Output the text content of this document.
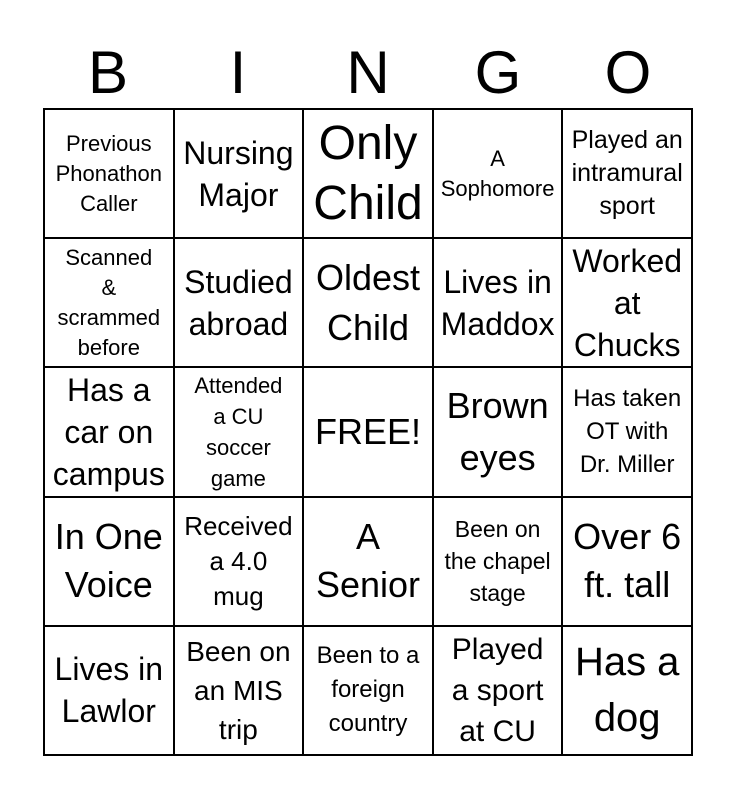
B	I	N	G	O
Previous
Phonathon
Caller
Nursing
Major
Only
Child
A
Sophomore
Played an
intramural
sport
Scanned
&
scrammed
before
Studied
abroad
Oldest
Child
Lives in
Maddox
Worked
at
Chucks
Has a
car on
campus
Attended
a CU
soccer
game
FREE!
Brown
eyes
Has taken
OT with
Dr. Miller
In One
Voice
Received
a 4.0
mug
A
Senior
Been on
the chapel
stage
Over 6
ft. tall
Lives in
Lawlor
Been on
an MIS
trip
Been to a
foreign
country
Played
a sport
at CU
Has a
dog
